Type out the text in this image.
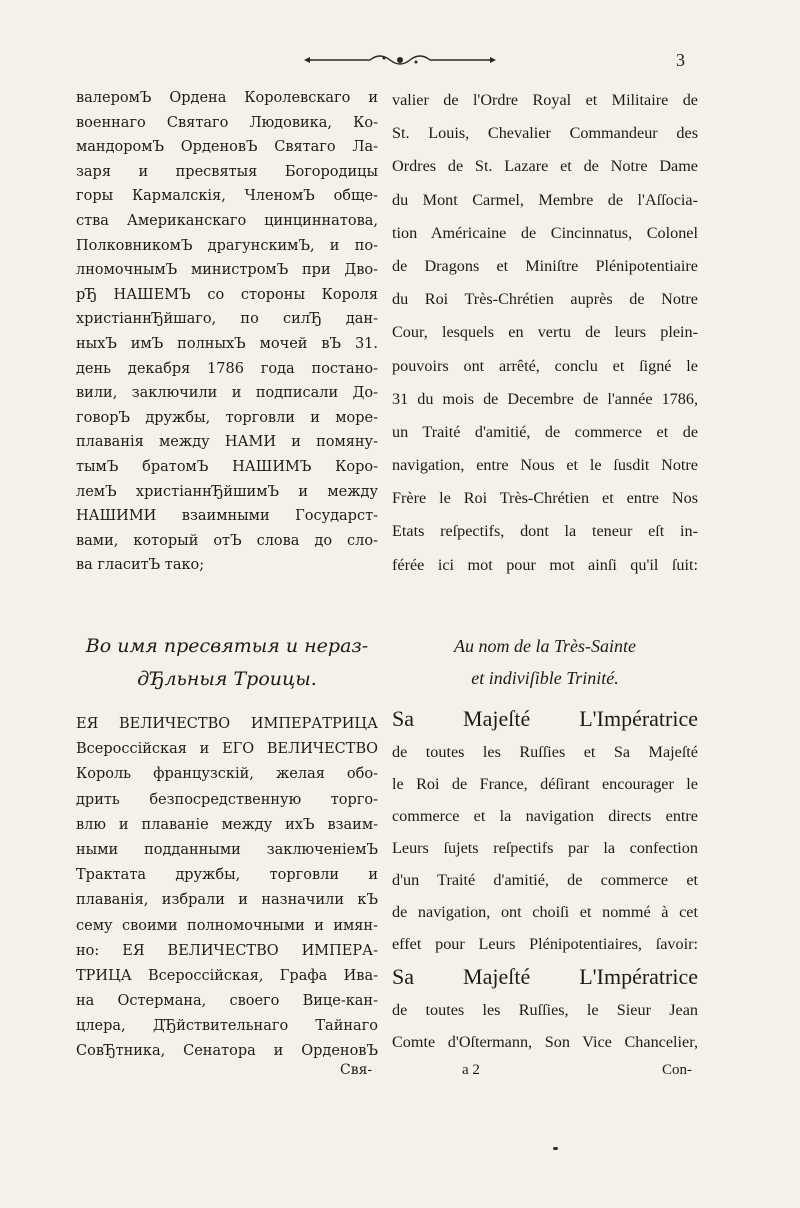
3
валеромЪ Ордена Королевскаго и
военнаго Святаго Людовика, Ко-
мандоромЪ ОрденовЪ Святаго Ла-
заря и пресвятыя Богородицы
горы Кармалскія, ЧленомЪ обще-
ства Американскаго цинциннатова,
ПолковникомЪ драгунскимЪ, и по-
лномочнымЪ министромЪ при Дво-
рЂ НАШЕМЪ со стороны Короля
христіаннЂйшаго, по силЂ дан-
ныхЪ имЪ полныхЪ мочей вЪ 31.
день декабря 1786 года постано-
вили, заключили и подписали До-
говорЪ дружбы, торговли и море-
плаванія между НАМИ и помяну-
тымЪ братомЪ НАШИМЪ Коро-
лемЪ христіаннЂйшимЪ и между
НАШИМИ взаимными Государст-
вами, который отЪ слова до сло-
ва гласитЪ тако;
valier de l'Ordre Royal et Militaire de
St. Louis, Chevalier Commandeur des
Ordres de St. Lazare et de Notre Dame
du Mont Carmel, Membre de l'Aſſocia-
tion Américaine de Cincinnatus, Colonel
de Dragons et Miniſtre Plénipotentiaire
du Roi Très-Chrétien auprès de Notre
Cour, lesquels en vertu de leurs plein-
pouvoirs ont arrêté, conclu et ſigné le
31 du mois de Decembre de l'année 1786,
un Traité d'amitié, de commerce et de
navigation, entre Nous et le ſusdit Notre
Frère le Roi Très-Chrétien et entre Nos
Etats reſpectifs, dont la teneur eſt in-
férée ici mot pour mot ainſi qu'il ſuit:
Во имя пресвятыя и нераз-
дЂльныя Троицы.
Au nom de la Très-Sainte
et indiviſible Trinité.
ЕЯ ВЕЛИЧЕСТВО ИМПЕРАТРИЦА
Всероссійская и ЕГО ВЕЛИЧЕСТВО
Король французскій, желая обо-
дрить безпосредственную торго-
влю и плаваніе между ихЪ взаим-
ными подданными заключеніемЪ
Трактата дружбы, торговли и
плаванія, избрали и назначили кЪ
сему своими полномочными и имян-
но: ЕЯ ВЕЛИЧЕСТВО ИМПЕРА-
ТРИЦА Всероссійская, Графа Ива-
на Остермана, своего Вице-кан-
цлера, ДЂйствительнаго Тайнаго
СовЂтника, Сенатора и ОрденовЪ
Sa Majeſté L'Impératrice
de toutes les Ruſſies et Sa Majeſté
le Roi de France, déſirant encourager le
commerce et la navigation directs entre
Leurs ſujets reſpectifs par la confection
d'un Traité d'amitié, de commerce et
de navigation, ont choiſi et nommé à cet
effet pour Leurs Plénipotentiaires, ſavoir:
Sa Majeſté L'Impératrice
de toutes les Ruſſies, le Sieur Jean
Comte d'Oſtermann, Son Vice Chancelier,
Свя-	a 2	Con-
